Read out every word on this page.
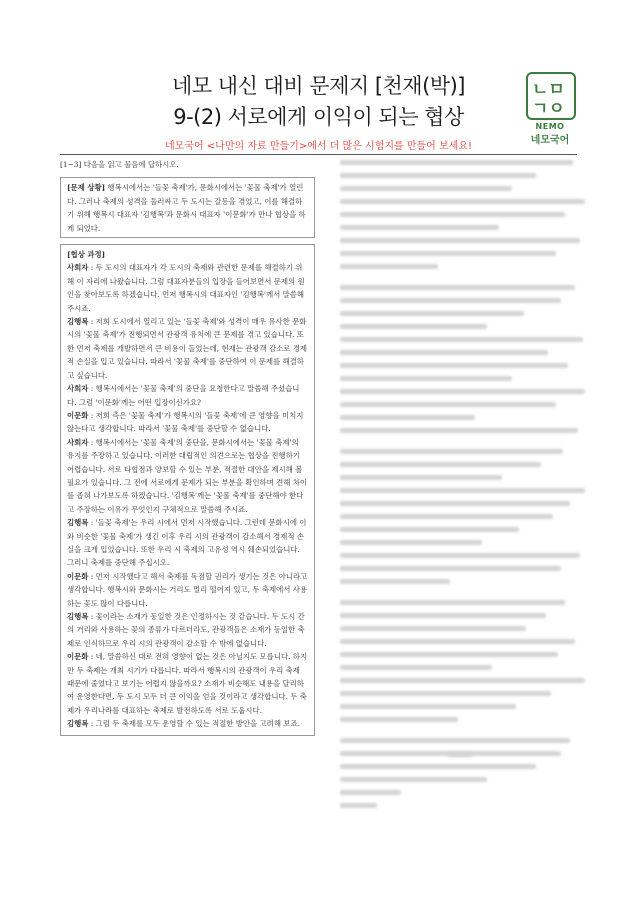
네모 내신 대비 문제지 [천재(박)]
9-(2) 서로에게 이익이 되는 협상
네모국어 <나만의 자료 만들기>에서 더 많은 시험지를 만들어 보세요!
ㄴㅁ
ㄱㅇ
NEMO
네모국어

[1~3] 다음을 읽고 물음에 답하시오.

[문제 상황] 행복시에서는 '들꽃 축제'가, 문화시에서는 '꽃물 축제'가 열린다. 그러나 축제의 성격을 둘러싸고 두 도시는 갈등을 겪었고, 이를 해결하기 위해 행복시 대표자 '김행복'과 문화시 대표자 '이문화'가 만나 협상을 하게 되었다.

[협상 과정]

사회자 : 두 도시의 대표자가 각 도시의 축제와 관련한 문제를 해결하기 위해 이 자리에 나왔습니다. 그럼 대표자분들의 입장을 들어보면서 문제의 원인을 찾아보도록 하겠습니다. 먼저 행복시의 대표자인 '김행복'께서 말씀해 주시죠.

김행복 : 저희 도시에서 열리고 있는 '들꽃 축제'와 성격이 매우 유사한 문화시의 '꽃물 축제'가 진행되면서 관광객 유치에 큰 문제를 겪고 있습니다. 또한 먼저 축제를 개발하면서 큰 비용이 들었는데, 현재는 관광객 감소로 경제적 손실을 입고 있습니다. 따라서 '꽃물 축제'를 중단하여 이 문제를 해결하고 싶습니다.

사회자 : 행복시에서는 '꽃물 축제'의 중단을 요청한다고 말씀해 주셨습니다. 그럼 '이문화'께는 어떤 입장이신가요?

이문화 : 저희 측은 '꽃물 축제'가 행복시의 '들꽃 축제'에 큰 영향을 미치지 않는다고 생각합니다. 따라서 '꽃물 축제'를 중단할 수 없습니다.

사회자 : 행복시에서는 '꽃물 축제'의 중단을, 문화시에서는 '꽃물 축제'의 유지를 주장하고 있습니다. 이러한 대립적인 의견으로는 협상을 진행하기 어렵습니다. 서로 타협점과 양보할 수 있는 부분, 적절한 대안을 제시해 볼 필요가 있습니다. 그 전에 서로에게 문제가 되는 부분을 확인하며 견해 차이를 좁혀 나가보도록 하겠습니다. '김행복'께는 '꽃물 축제'를 중단해야 한다고 주장하는 이유가 무엇인지 구체적으로 말씀해 주시죠.

김행복 : '들꽃 축제'는 우리 시에서 먼저 시작했습니다. 그런데 문화시에 이와 비슷한 '꽃물 축제'가 생긴 이후 우리 시의 관광객이 감소해서 경제적 손실을 크게 입었습니다. 또한 우리 시 축제의 고유성 역시 훼손되었습니다. 그러니 축제를 중단해 주십시오.

이문화 : 먼저 시작했다고 해서 축제를 독점할 권리가 생기는 것은 아니라고 생각합니다. 행복시와 문화시는 거리도 멀리 떨어져 있고, 두 축제에서 사용하는 꽃도 많이 다릅니다.

김행복 : 꽃이라는 소재가 동일한 것은 인정하시는 것 같습니다. 두 도시 간의 거리와 사용하는 꽃의 종류가 다르더라도, 관광객들은 소재가 동일한 축제로 인식하므로 우리 시의 관광객이 감소할 수 밖에 없습니다.

이문화 : 네, 말씀하신 대로 전혀 영향이 없는 것은 아닐지도 모릅니다. 하지만 두 축제는 개최 시기가 다릅니다. 따라서 행복시의 관광객이 우리 축제 때문에 줄었다고 보기는 어렵지 않을까요? 소재가 비슷해도 내용을 달리하여 운영한다면, 두 도시 모두 더 큰 이익을 얻을 것이라고 생각합니다. 두 축제가 우리나라를 대표하는 축제로 발전하도록 서로 도웁시다.

김행복 : 그럼 두 축제를 모두 운영할 수 있는 적절한 방안을 고려해 보죠.
